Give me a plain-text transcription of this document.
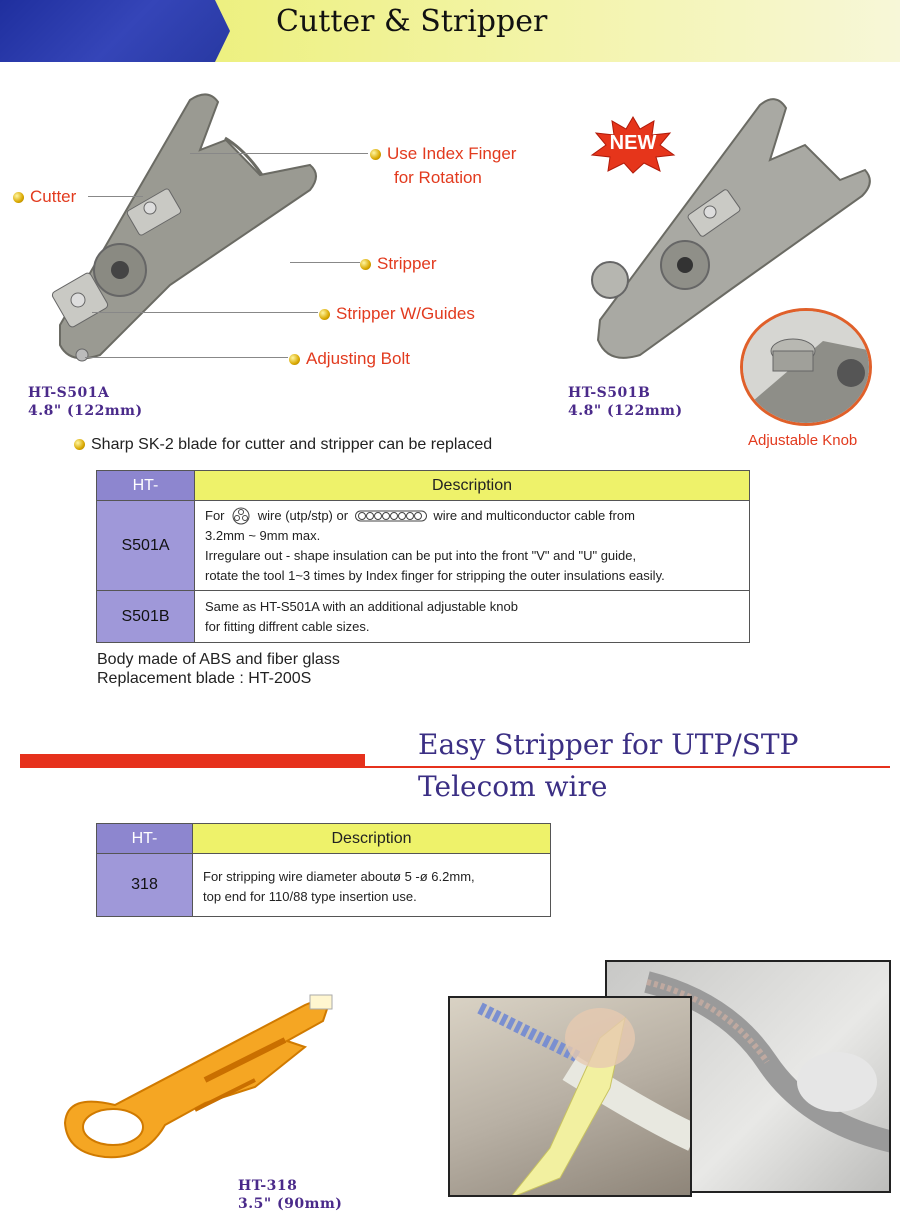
Cutter & Stripper
Cutter
Use Index Finger
for Rotation
Stripper
Stripper W/Guides
Adjusting Bolt
HT-S501A
4.8" (122mm)
NEW
Adjustable Knob
HT-S501B
4.8" (122mm)
Sharp SK-2 blade for cutter and stripper can be replaced
HT-	Description
S501A	For wire (utp/stp) or wire and multiconductor cable from
3.2mm ~ 9mm max.
Irregulare out - shape insulation can be put into the front "V" and "U" guide,
rotate the tool 1~3 times by Index finger for stripping the outer insulations easily.

S501B	Same as HT-S501A with an additional adjustable knob
for fitting diffrent cable sizes.
Body made of ABS and fiber glass
Replacement blade : HT-200S
Easy Stripper for UTP/STP
Telecom wire
HT-	Description
318	For stripping wire diameter aboutø 5 -ø 6.2mm,
top end for 110/88 type insertion use.
HT-318
3.5" (90mm)
